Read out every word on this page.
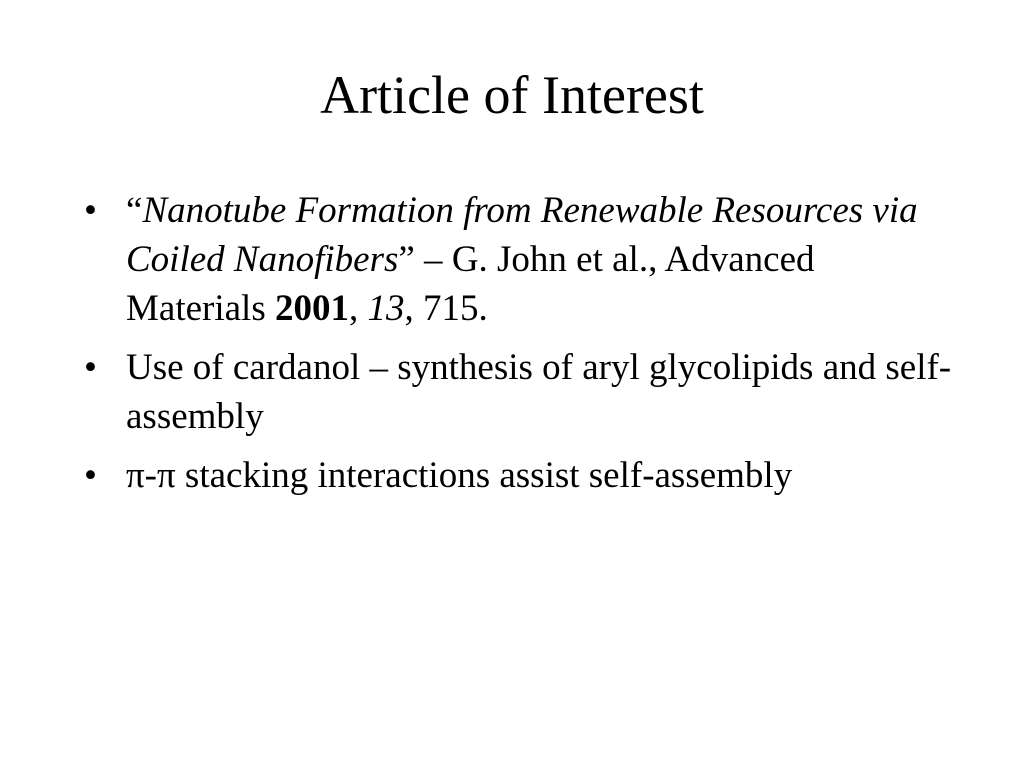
Article of Interest
• “Nanotube Formation from Renewable Resources via Coiled Nanofibers” – G. John et al., Advanced Materials 2001, 13, 715.
• Use of cardanol – synthesis of aryl glycolipids and self-assembly
• π-π stacking interactions assist self-assembly
